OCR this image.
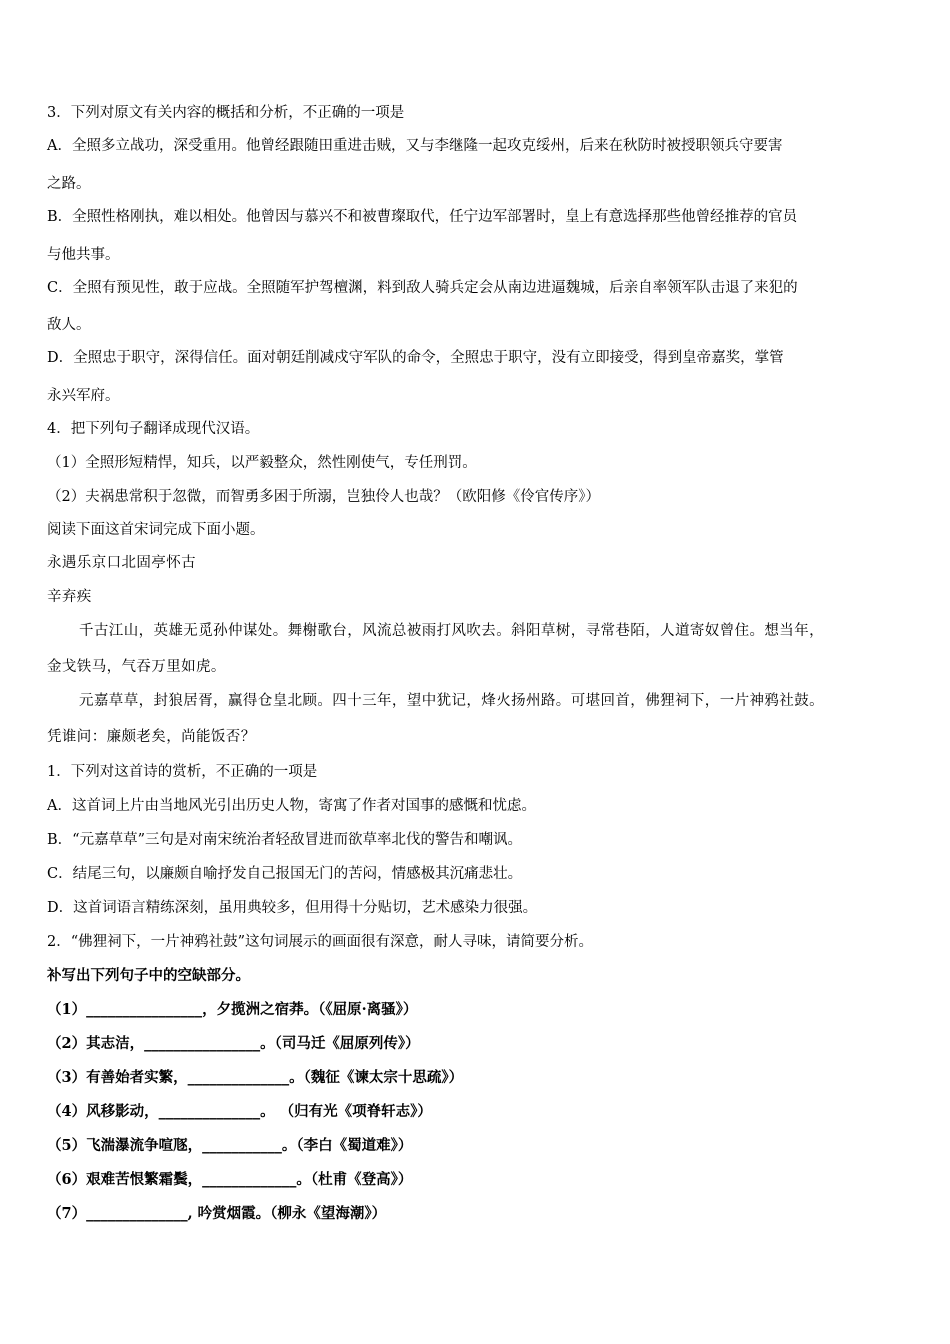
3．下列对原文有关内容的概括和分析，不正确的一项是
A．全照多立战功，深受重用。他曾经跟随田重进击贼，又与李继隆一起攻克绥州，后来在秋防时被授职领兵守要害
之路。
B．全照性格刚执，难以相处。他曾因与慕兴不和被曹璨取代，任宁边军部署时，皇上有意选择那些他曾经推荐的官员
与他共事。
C．全照有预见性，敢于应战。全照随军护驾檀渊，料到敌人骑兵定会从南边进逼魏城，后亲自率领军队击退了来犯的
敌人。
D．全照忠于职守，深得信任。面对朝廷削减戍守军队的命令，全照忠于职守，没有立即接受，得到皇帝嘉奖，掌管
永兴军府。
4．把下列句子翻译成现代汉语。
（1）全照形短精悍，知兵，以严毅整众，然性刚使气，专任刑罚。
（2）夫祸患常积于忽微，而智勇多困于所溺，岂独伶人也哉？（欧阳修《伶官传序》）
阅读下面这首宋词完成下面小题。
永遇乐京口北固亭怀古
辛弃疾
千古江山，英雄无觅孙仲谋处。舞榭歌台，风流总被雨打风吹去。斜阳草树，寻常巷陌，人道寄奴曾住。想当年，
金戈铁马，气吞万里如虎。
元嘉草草，封狼居胥，赢得仓皇北顾。四十三年，望中犹记，烽火扬州路。可堪回首，佛狸祠下，一片神鸦社鼓。
凭谁问：廉颇老矣，尚能饭否？
1．下列对这首诗的赏析，不正确的一项是
A．这首词上片由当地风光引出历史人物，寄寓了作者对国事的感慨和忧虑。
B．“元嘉草草”三句是对南宋统治者轻敌冒进而欲草率北伐的警告和嘲讽。
C．结尾三句，以廉颇自喻抒发自己报国无门的苦闷，情感极其沉痛悲壮。
D．这首词语言精练深刻，虽用典较多，但用得十分贴切，艺术感染力很强。
2．“佛狸祠下，一片神鸦社鼓”这句词展示的画面很有深意，耐人寻味，请简要分析。
补写出下列句子中的空缺部分。
（1）________________，夕揽洲之宿莽。（《屈原·离骚》）
（2）其志洁，________________。（司马迁《屈原列传》）
（3）有善始者实繁，______________。（魏征《谏太宗十思疏》）
（4）风移影动，______________。 （归有光《项脊轩志》）
（5）飞湍瀑流争喧豗，___________。（李白《蜀道难》）
（6）艰难苦恨繁霜鬓，_____________。（杜甫《登高》）
（7）______________, 吟赏烟霞。（柳永《望海潮》）
